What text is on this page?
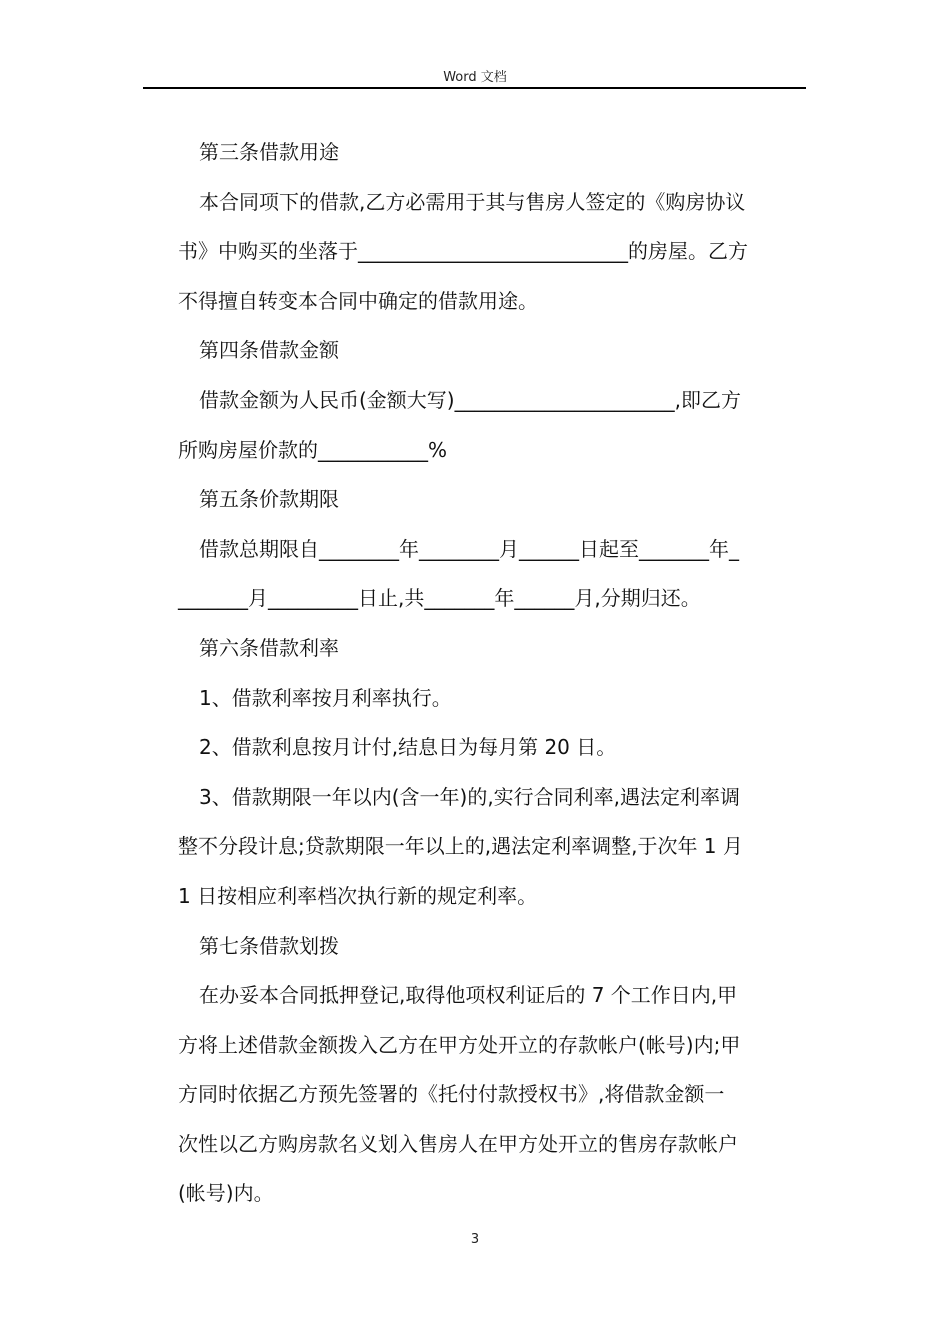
Word 文档

第三条借款用途

本合同项下的借款,乙方必需用于其与售房人签定的《购房协议

书》中购买的坐落于___________________________的房屋。乙方

不得擅自转变本合同中确定的借款用途。

第四条借款金额

借款金额为人民币(金额大写)______________________,即乙方

所购房屋价款的___________%

第五条价款期限

借款总期限自________年________月______日起至_______年_

_______月_________日止,共_______年______月,分期归还。

第六条借款利率

1、借款利率按月利率执行。

2、借款利息按月计付,结息日为每月第 20 日。

3、借款期限一年以内(含一年)的,实行合同利率,遇法定利率调

整不分段计息;贷款期限一年以上的,遇法定利率调整,于次年 1 月

1 日按相应利率档次执行新的规定利率。

第七条借款划拨

在办妥本合同抵押登记,取得他项权利证后的 7 个工作日内,甲

方将上述借款金额拨入乙方在甲方处开立的存款帐户(帐号)内;甲

方同时依据乙方预先签署的《托付付款授权书》,将借款金额一

次性以乙方购房款名义划入售房人在甲方处开立的售房存款帐户

(帐号)内。

3
